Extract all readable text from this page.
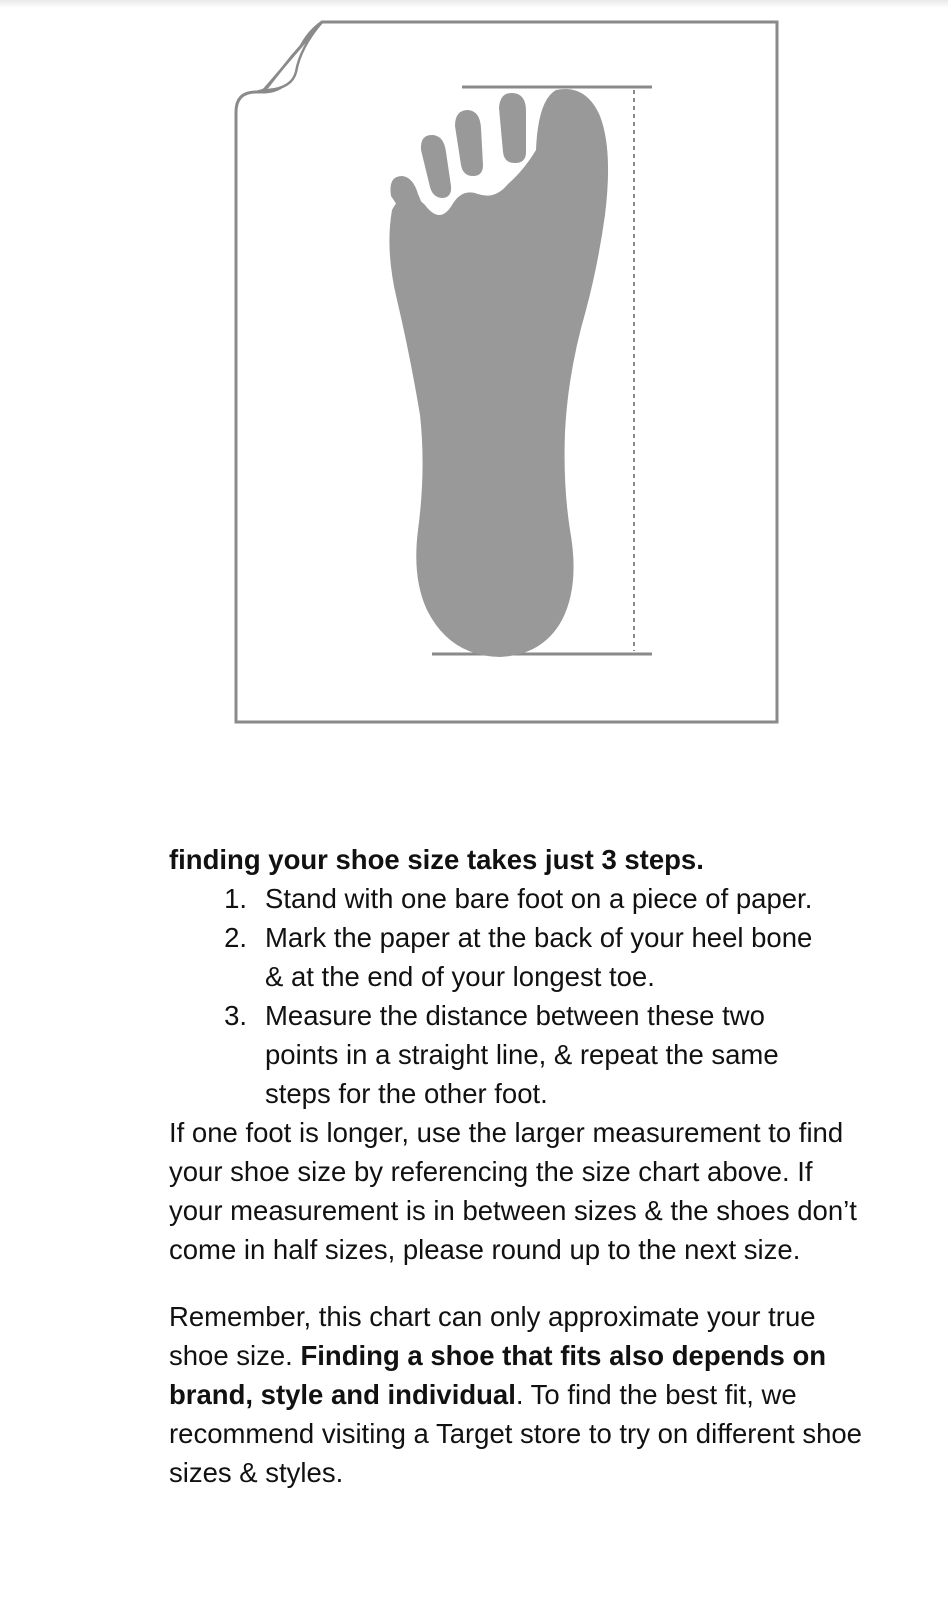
finding your shoe size takes just 3 steps.

1. Stand with one bare foot on a piece of paper.
2. Mark the paper at the back of your heel bone & at the end of your longest toe.
3. Measure the distance between these two points in a straight line, & repeat the same steps for the other foot.

If one foot is longer, use the larger measurement to find your shoe size by referencing the size chart above. If your measurement is in between sizes & the shoes don’t come in half sizes, please round up to the next size.

Remember, this chart can only approximate your true shoe size. Finding a shoe that fits also depends on brand, style and individual. To find the best fit, we recommend visiting a Target store to try on different shoe sizes & styles.
